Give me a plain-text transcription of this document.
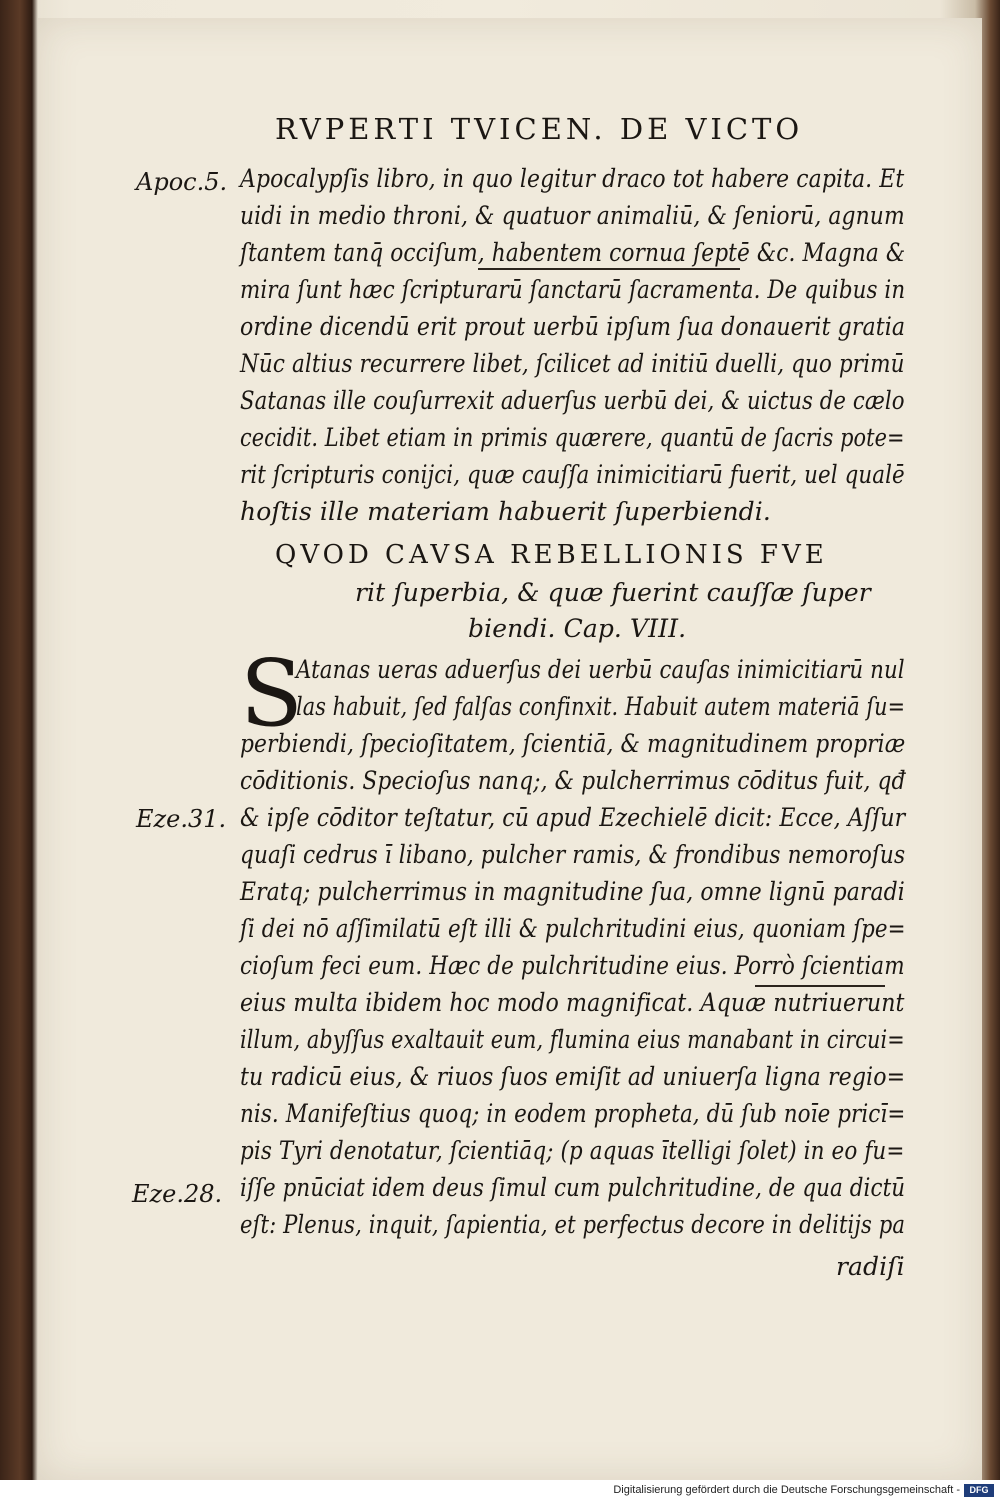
RVPERTI TVICEN. DE VICTO
Apoc.5.
Eze.31.
Eze.28.
Apocalypſis libro, in quo legitur draco tot habere capita. Et
uidi in medio throni, & quatuor animaliū, & ſeniorū, agnum
ſtantem tanq̄ occiſum, habentem cornua ſeptē &c. Magna &
mira ſunt hæc ſcripturarū ſanctarū ſacramenta. De quibus in
ordine dicendū erit prout uerbū ipſum ſua donauerit gratia
Nūc altius recurrere libet, ſcilicet ad initiū duelli, quo primū
Satanas ille couſurrexit aduerſus uerbū dei, & uictus de cælo
cecidit. Libet etiam in primis quærere, quantū de ſacris pote=
rit ſcripturis conijci, quæ cauſſa inimicitiarū fuerit, uel qualē
hoſtis ille materiam habuerit ſuperbiendi.
QVOD CAVSA REBELLIONIS FVE
rit ſuperbia, & quæ fuerint cauſſæ ſuper
biendi. Cap. VIII.
S
Atanas ueras aduerſus dei uerbū cauſas inimicitiarū nul
las habuit, ſed falſas confinxit. Habuit autem materiā ſu=
perbiendi, ſpecioſitatem, ſcientiā, & magnitudinem propriæ
cōditionis. Specioſus nanq;, & pulcherrimus cōditus fuit, qđ
& ipſe cōditor teſtatur, cū apud Ezechielē dicit: Ecce, Aſſur
quaſi cedrus ī libano, pulcher ramis, & frondibus nemoroſus
Eratq; pulcherrimus in magnitudine ſua, omne lignū paradi
ſi dei nō aſſimilatū eſt illi & pulchritudini eius, quoniam ſpe=
cioſum feci eum. Hæc de pulchritudine eius. Porrò ſcientiam
eius multa ibidem hoc modo magnificat. Aquæ nutriuerunt
illum, abyſſus exaltauit eum, flumina eius manabant in circui=
tu radicū eius, & riuos ſuos emiſit ad uniuerſa ligna regio=
nis. Manifeſtius quoq; in eodem propheta, dū ſub noīe pricī=
pis Tyri denotatur, ſcientiāq; (p aquas ītelligi ſolet) in eo fu=
iſſe pnūciat idem deus ſimul cum pulchritudine, de qua dictū
eſt: Plenus, inquit, ſapientia, et perfectus decore in delitijs pa
radiſi
Digitalisierung gefördert durch die Deutsche Forschungsgemeinschaft -	DFG
